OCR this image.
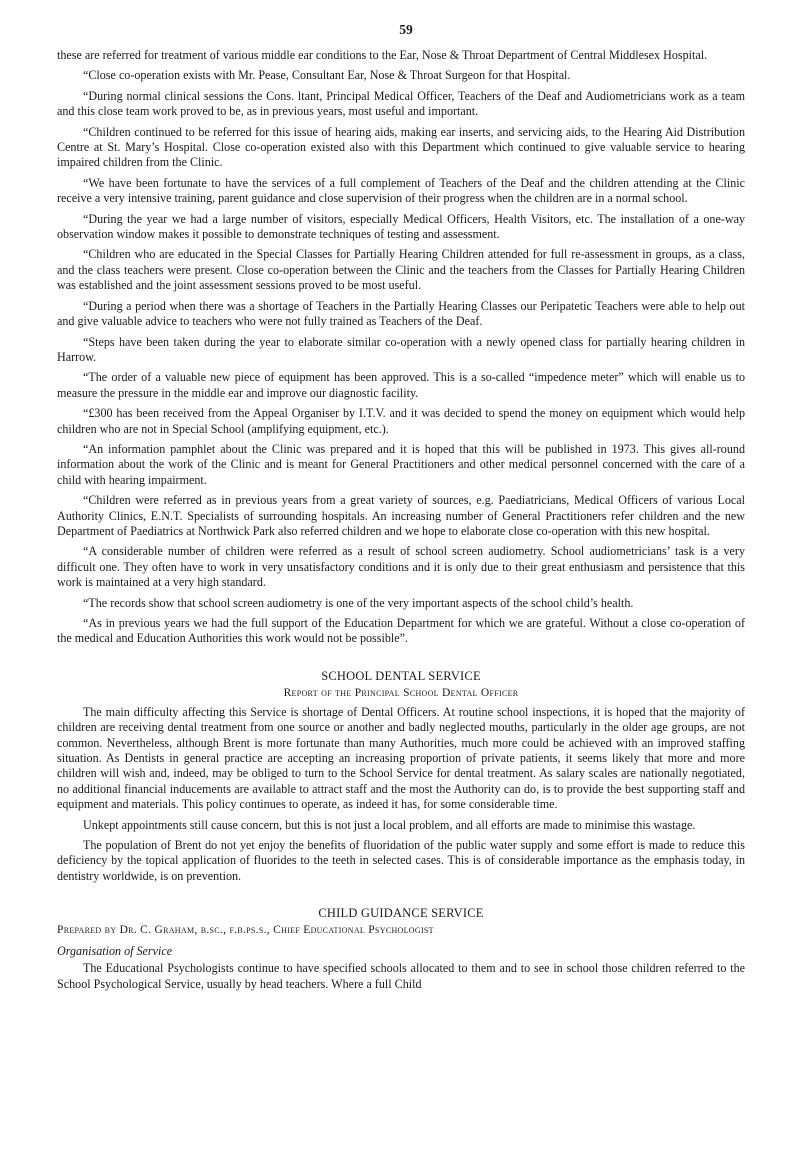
59

these are referred for treatment of various middle ear conditions to the Ear, Nose & Throat Department of Central Middlesex Hospital.

“Close co-operation exists with Mr. Pease, Consultant Ear, Nose & Throat Surgeon for that Hospital.

“During normal clinical sessions the Cons. ltant, Principal Medical Officer, Teachers of the Deaf and Audiometricians work as a team and this close team work proved to be, as in previous years, most useful and important.

“Children continued to be referred for this issue of hearing aids, making ear inserts, and servicing aids, to the Hearing Aid Distribution Centre at St. Mary’s Hospital. Close co-operation existed also with this Department which continued to give valuable service to hearing impaired children from the Clinic.

“We have been fortunate to have the services of a full complement of Teachers of the Deaf and the children attending at the Clinic receive a very intensive training, parent guidance and close supervision of their progress when the children are in a normal school.

“During the year we had a large number of visitors, especially Medical Officers, Health Visitors, etc. The installation of a one-way observation window makes it possible to demonstrate techniques of testing and assessment.

“Children who are educated in the Special Classes for Partially Hearing Children attended for full re-assessment in groups, as a class, and the class teachers were present. Close co-operation between the Clinic and the teachers from the Classes for Partially Hearing Children was established and the joint assessment sessions proved to be most useful.

“During a period when there was a shortage of Teachers in the Partially Hearing Classes our Peripatetic Teachers were able to help out and give valuable advice to teachers who were not fully trained as Teachers of the Deaf.

“Steps have been taken during the year to elaborate similar co-operation with a newly opened class for partially hearing children in Harrow.

“The order of a valuable new piece of equipment has been approved. This is a so-called “impedence meter” which will enable us to measure the pressure in the middle ear and improve our diagnostic facility.

“£300 has been received from the Appeal Organiser by I.T.V. and it was decided to spend the money on equipment which would help children who are not in Special School (amplifying equipment, etc.).

“An information pamphlet about the Clinic was prepared and it is hoped that this will be published in 1973. This gives all-round information about the work of the Clinic and is meant for General Practitioners and other medical personnel concerned with the care of a child with hearing impairment.

“Children were referred as in previous years from a great variety of sources, e.g. Paediatricians, Medical Officers of various Local Authority Clinics, E.N.T. Specialists of surrounding hospitals. An increasing number of General Practitioners refer children and the new Department of Paediatrics at Northwick Park also referred children and we hope to elaborate close co-operation with this new hospital.

“A considerable number of children were referred as a result of school screen audiometry. School audiometricians’ task is a very difficult one. They often have to work in very unsatisfactory conditions and it is only due to their great enthusiasm and persistence that this work is maintained at a very high standard.

“The records show that school screen audiometry is one of the very important aspects of the school child’s health.

“As in previous years we had the full support of the Education Department for which we are grateful. Without a close co-operation of the medical and Education Authorities this work would not be possible”.

SCHOOL DENTAL SERVICE
Report of the Principal School Dental Officer

The main difficulty affecting this Service is shortage of Dental Officers. At routine school inspections, it is hoped that the majority of children are receiving dental treatment from one source or another and badly neglected mouths, particularly in the older age groups, are not common. Nevertheless, although Brent is more fortunate than many Authorities, much more could be achieved with an improved staffing situation. As Dentists in general practice are accepting an increasing proportion of private patients, it seems likely that more and more children will wish and, indeed, may be obliged to turn to the School Service for dental treatment. As salary scales are nationally negotiated, no additional financial inducements are available to attract staff and the most the Authority can do, is to provide the best supporting staff and equipment and materials. This policy continues to operate, as indeed it has, for some considerable time.

Unkept appointments still cause concern, but this is not just a local problem, and all efforts are made to minimise this wastage.

The population of Brent do not yet enjoy the benefits of fluoridation of the public water supply and some effort is made to reduce this deficiency by the topical application of fluorides to the teeth in selected cases. This is of considerable importance as the emphasis today, in dentistry worldwide, is on prevention.

CHILD GUIDANCE SERVICE
Prepared by Dr. C. Graham, b.sc., f.b.ps.s., Chief Educational Psychologist
Organisation of Service

The Educational Psychologists continue to have specified schools allocated to them and to see in school those children referred to the School Psychological Service, usually by head teachers. Where a full Child
